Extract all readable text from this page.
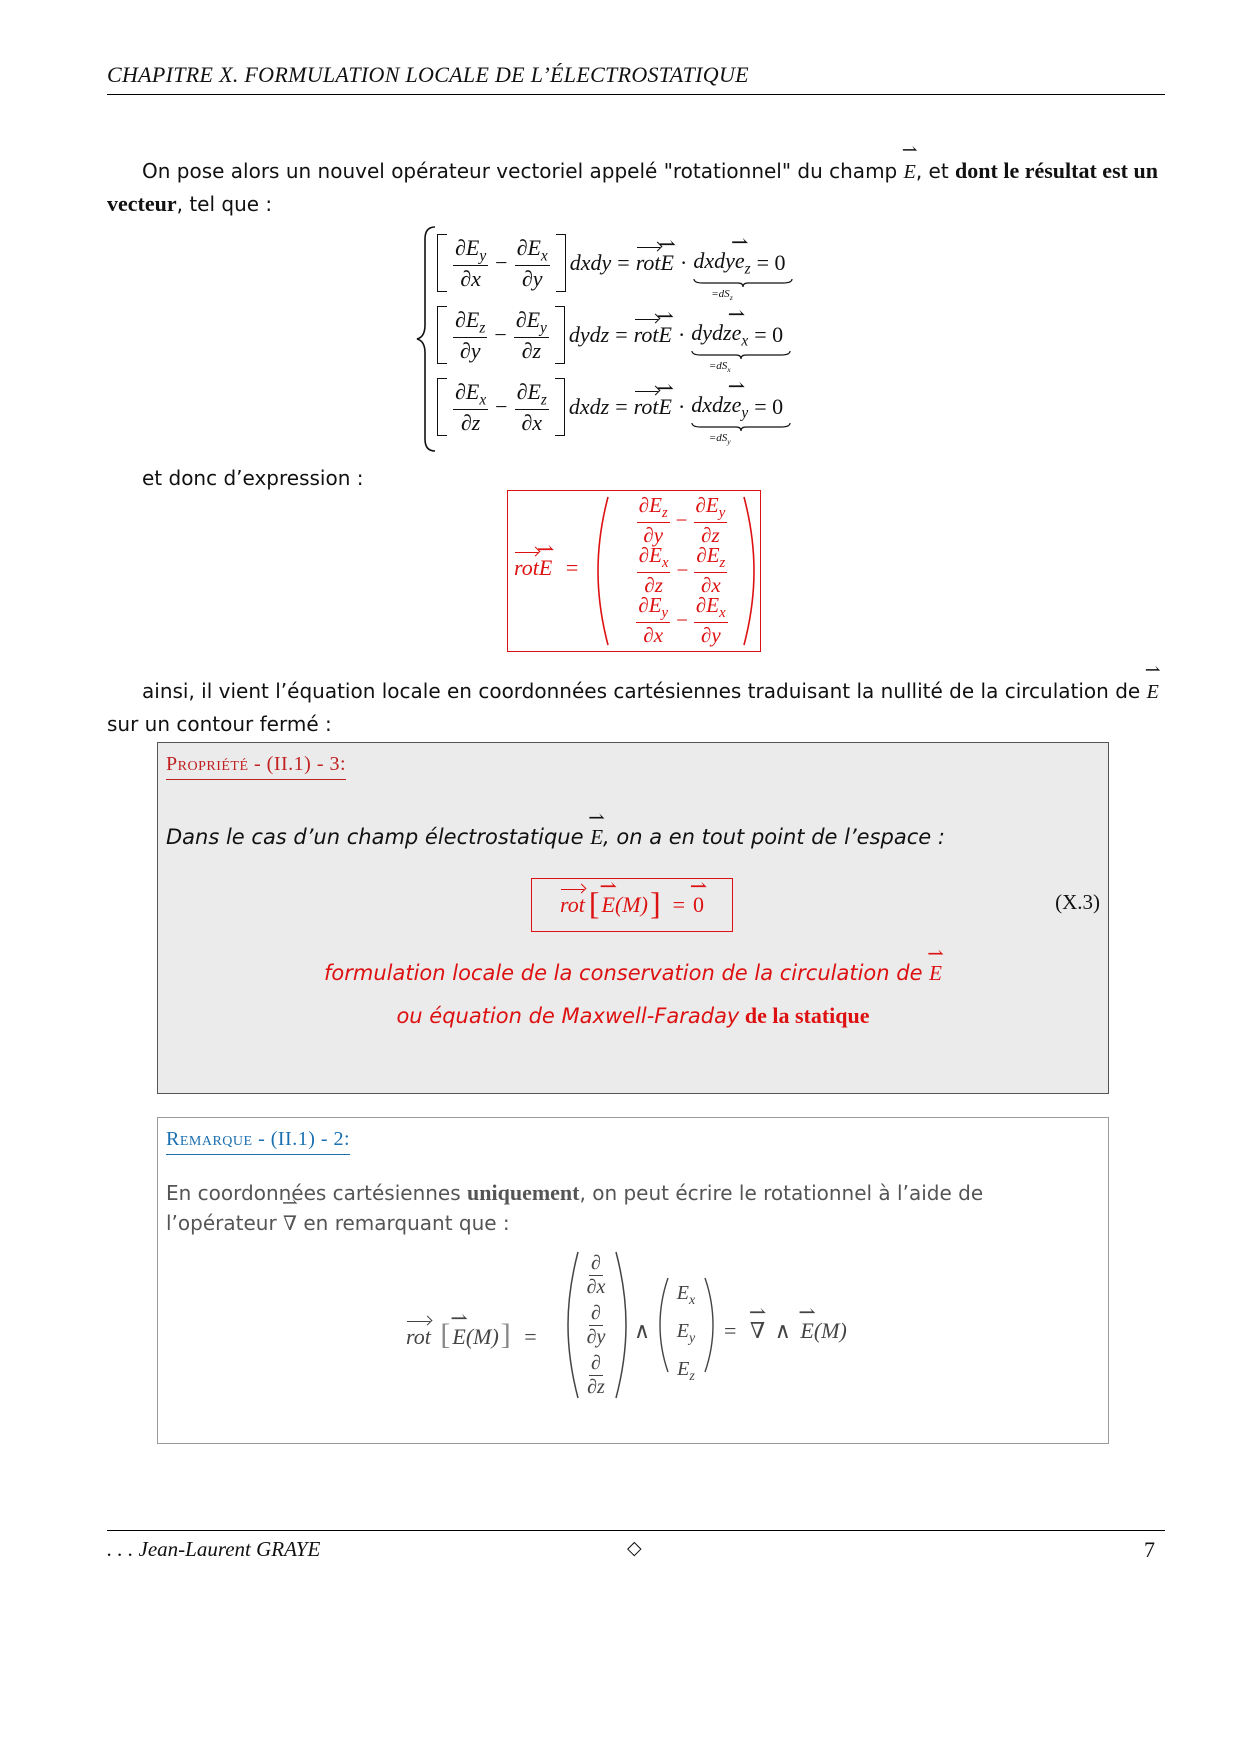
CHAPITRE X. FORMULATION LOCALE DE L’ÉLECTROSTATIQUE
On pose alors un nouvel opérateur vectoriel appelé "rotationnel" du champ ⇀ E, et dont le résultat est un
vecteur, tel que :
$\frac{\partial E_y}{\partial x} - \frac{\partial E_x}{\partial y}$ dxdy = rot ⇀ E · dxdy⇀ $e_z$
$=dS_z$
= 0
$\frac{\partial E_z}{\partial y} - \frac{\partial E_y}{\partial z}$ dydz = rot ⇀ E · dydz⇀ $e_x$
$=dS_x$
= 0
$\frac{\partial E_x}{\partial z} - \frac{\partial E_z}{\partial x}$ dxdz = rot ⇀ E · dxdz⇀ $e_y$
$=dS_y$
= 0
et donc d’expression :
rot⇀ E =
$\frac{\partial E_z}{\partial y} - \frac{\partial E_y}{\partial z}$
$\frac{\partial E_x}{\partial z} - \frac{\partial E_z}{\partial x}$
$\frac{\partial E_y}{\partial x} - \frac{\partial E_x}{\partial y}$
ainsi, il vient l’équation locale en coordonnées cartésiennes traduisant la nullité de la circulation de ⇀ E sur un contour fermé :
Propriété - (II.1) - 3:
Dans le cas d’un champ électrostatique ⇀ E, on a en tout point de l’espace :
rot [ ⇀ E (M) ] = ⇀ 0	(X.3)
formulation locale de la conservation de la circulation de ⇀ E
ou équation de Maxwell-Faraday de la statique
Remarque - (II.1) - 2:
En coordonnées cartésiennes uniquement, on peut écrire le rotationnel à l’aide de l’opérateur ⇀ ∇ en remarquant que :
rot [⇀ E(M)] =
∂
∂x
∂
∂y
∂
∂z
∧
$E_x$
$E_y$
$E_z$
= ⇀ ∇ ∧ ⇀ E(M)
. . . Jean-Laurent GRAYE	◇	7
